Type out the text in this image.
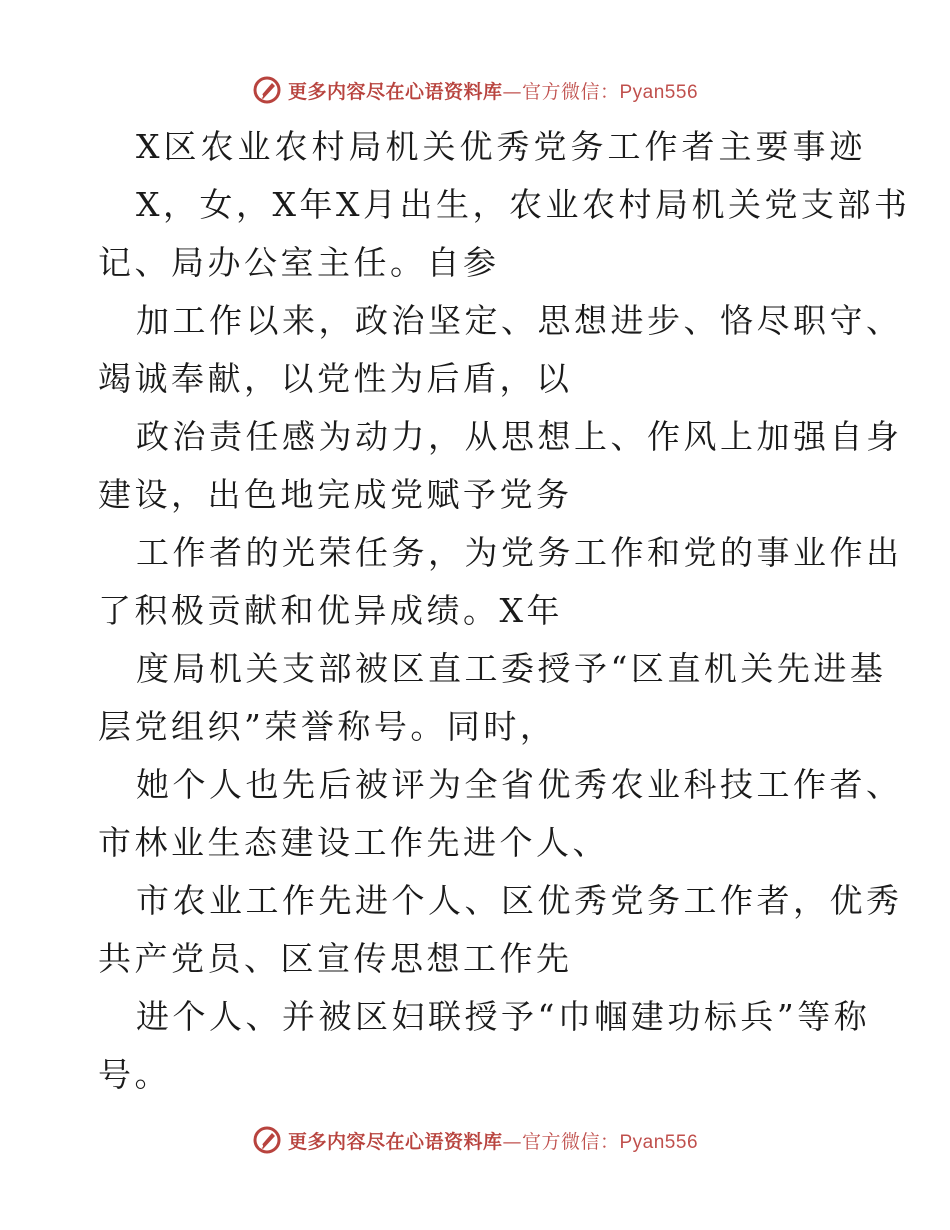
更多内容尽在心语资料库—官方微信：Pyan556
X区农业农村局机关优秀党务工作者主要事迹
X，女，X年X月出生，农业农村局机关党支部书
记、局办公室主任。自参
加工作以来，政治坚定、思想进步、恪尽职守、
竭诚奉献，以党性为后盾，以
政治责任感为动力，从思想上、作风上加强自身
建设，出色地完成党赋予党务
工作者的光荣任务，为党务工作和党的事业作出
了积极贡献和优异成绩。X年
度局机关支部被区直工委授予“区直机关先进基
层党组织”荣誉称号。同时，
她个人也先后被评为全省优秀农业科技工作者、
市林业生态建设工作先进个人、
市农业工作先进个人、区优秀党务工作者，优秀
共产党员、区宣传思想工作先
进个人、并被区妇联授予“巾帼建功标兵”等称
号。
更多内容尽在心语资料库—官方微信：Pyan556
